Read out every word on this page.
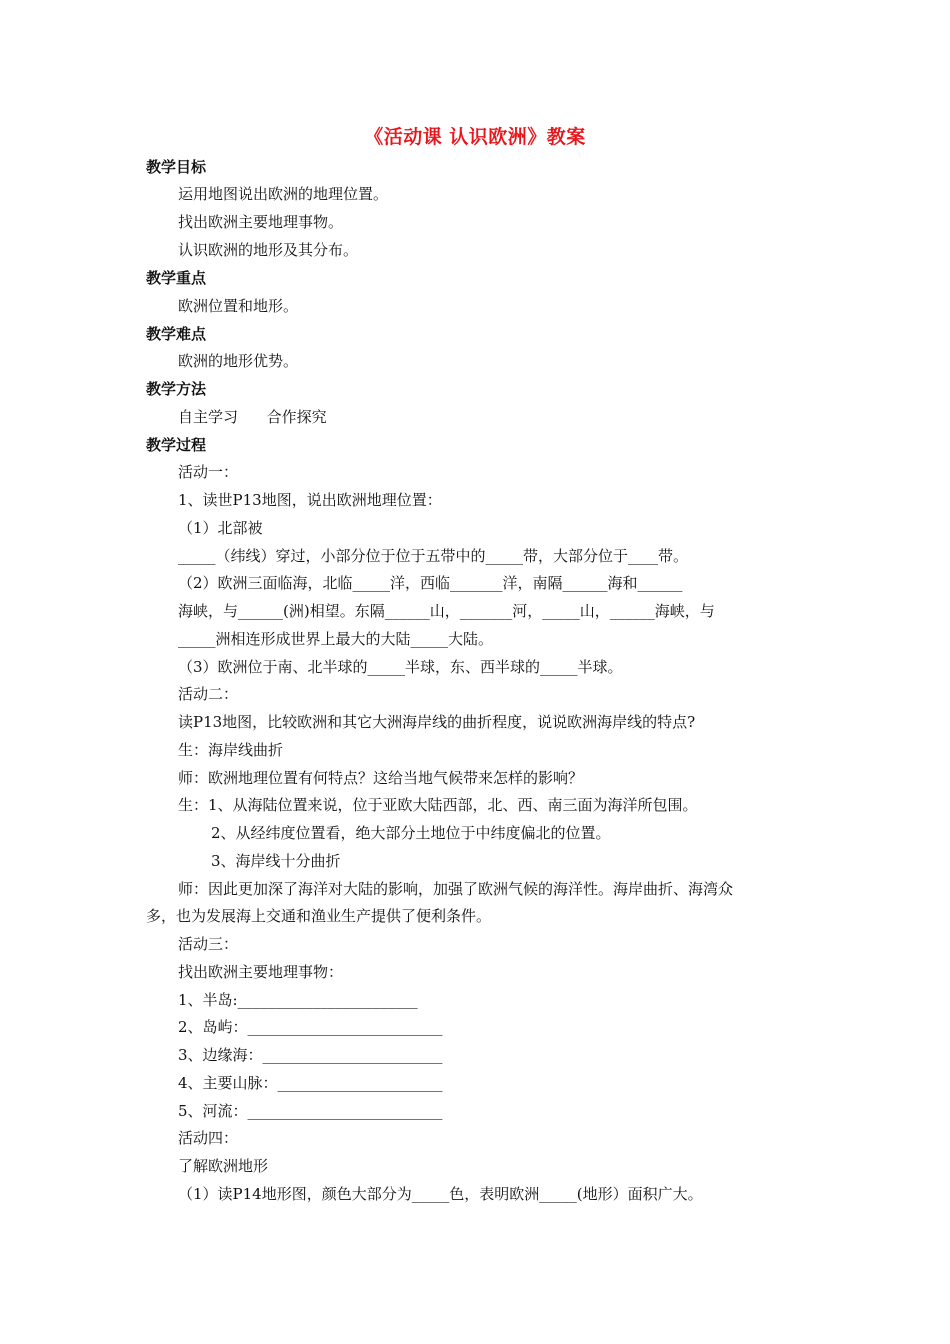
《活动课 认识欧洲》教案
教学目标
运用地图说出欧洲的地理位置。
找出欧洲主要地理事物。
认识欧洲的地形及其分布。
教学重点
欧洲位置和地形。
教学难点
欧洲的地形优势。
教学方法
自主学习      合作探究
教学过程
活动一：
1、读世P13地图，说出欧洲地理位置：
（1）北部被
_____（纬线）穿过，小部分位于位于五带中的_____带，大部分位于____带。
（2）欧洲三面临海，北临_____洋，西临_______洋，南隔______海和______
海峡，与______(洲)相望。东隔______山，_______河，_____山，______海峡，与
_____洲相连形成世界上最大的大陆_____大陆。
（3）欧洲位于南、北半球的_____半球，东、西半球的_____半球。
活动二：
读P13地图，比较欧洲和其它大洲海岸线的曲折程度，说说欧洲海岸线的特点?
生：海岸线曲折
师：欧洲地理位置有何特点？这给当地气候带来怎样的影响？
生：1、从海陆位置来说，位于亚欧大陆西部，北、西、南三面为海洋所包围。
2、从经纬度位置看，绝大部分土地位于中纬度偏北的位置。
3、海岸线十分曲折
师：因此更加深了海洋对大陆的影响，加强了欧洲气候的海洋性。海岸曲折、海湾众
多，也为发展海上交通和渔业生产提供了便利条件。
活动三：
找出欧洲主要地理事物：
1、半岛:________________________
2、岛屿：__________________________
3、边缘海：________________________
4、主要山脉：______________________
5、河流：__________________________
活动四：
了解欧洲地形
（1）读P14地形图，颜色大部分为_____色，表明欧洲_____(地形）面积广大。
